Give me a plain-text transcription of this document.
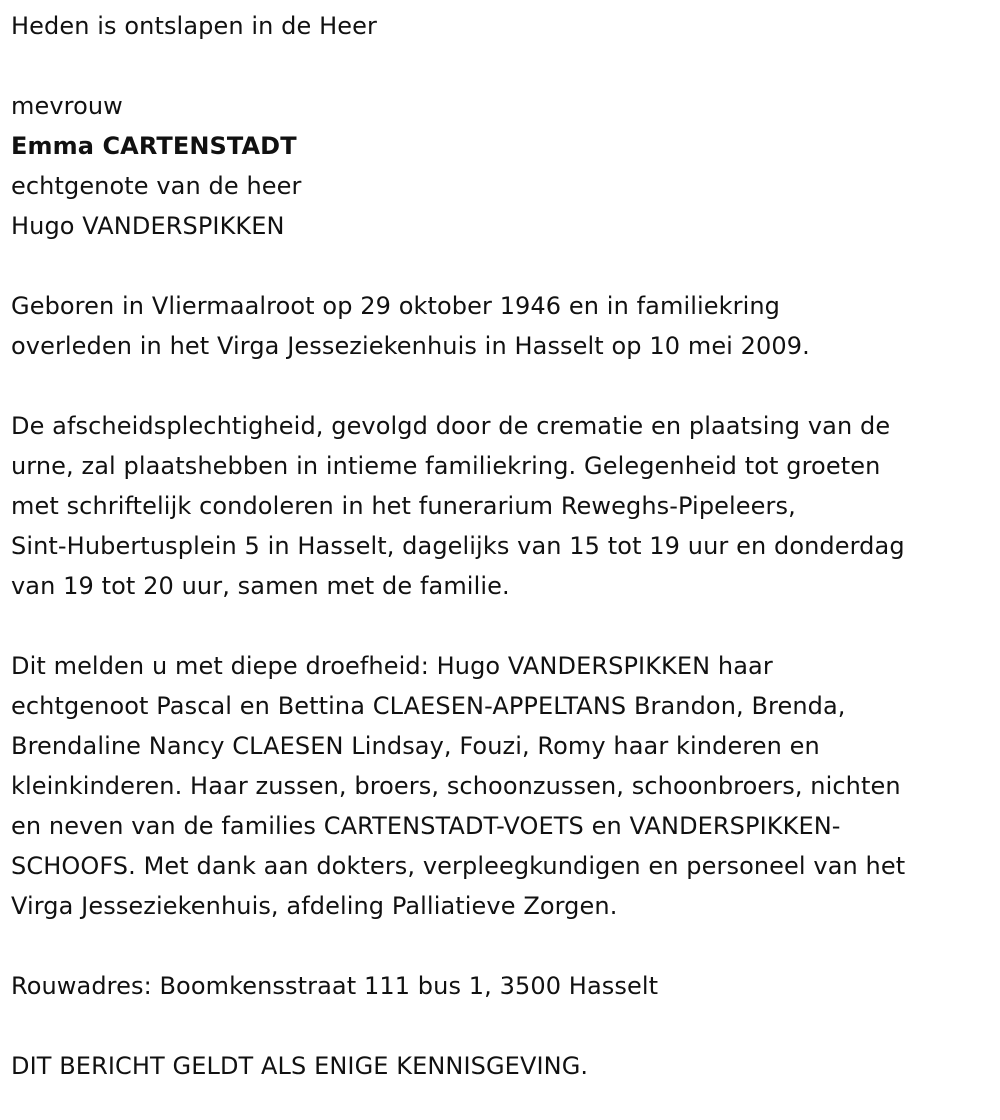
Heden is ontslapen in de Heer
mevrouw
Emma CARTENSTADT
echtgenote van de heer
Hugo VANDERSPIKKEN
Geboren in Vliermaalroot op 29 oktober 1946 en in familiekring
overleden in het Virga Jesseziekenhuis in Hasselt op 10 mei 2009.
De afscheidsplechtigheid, gevolgd door de crematie en plaatsing van de
urne, zal plaatshebben in intieme familiekring. Gelegenheid tot groeten
met schriftelijk condoleren in het funerarium Reweghs-Pipeleers,
Sint-Hubertusplein 5 in Hasselt, dagelijks van 15 tot 19 uur en donderdag
van 19 tot 20 uur, samen met de familie.
Dit melden u met diepe droefheid: Hugo VANDERSPIKKEN haar
echtgenoot Pascal en Bettina CLAESEN-APPELTANS Brandon, Brenda,
Brendaline Nancy CLAESEN Lindsay, Fouzi, Romy haar kinderen en
kleinkinderen. Haar zussen, broers, schoonzussen, schoonbroers, nichten
en neven van de families CARTENSTADT-VOETS en VANDERSPIKKEN-
SCHOOFS. Met dank aan dokters, verpleegkundigen en personeel van het
Virga Jesseziekenhuis, afdeling Palliatieve Zorgen.
Rouwadres: Boomkensstraat 111 bus 1, 3500 Hasselt
DIT BERICHT GELDT ALS ENIGE KENNISGEVING.
